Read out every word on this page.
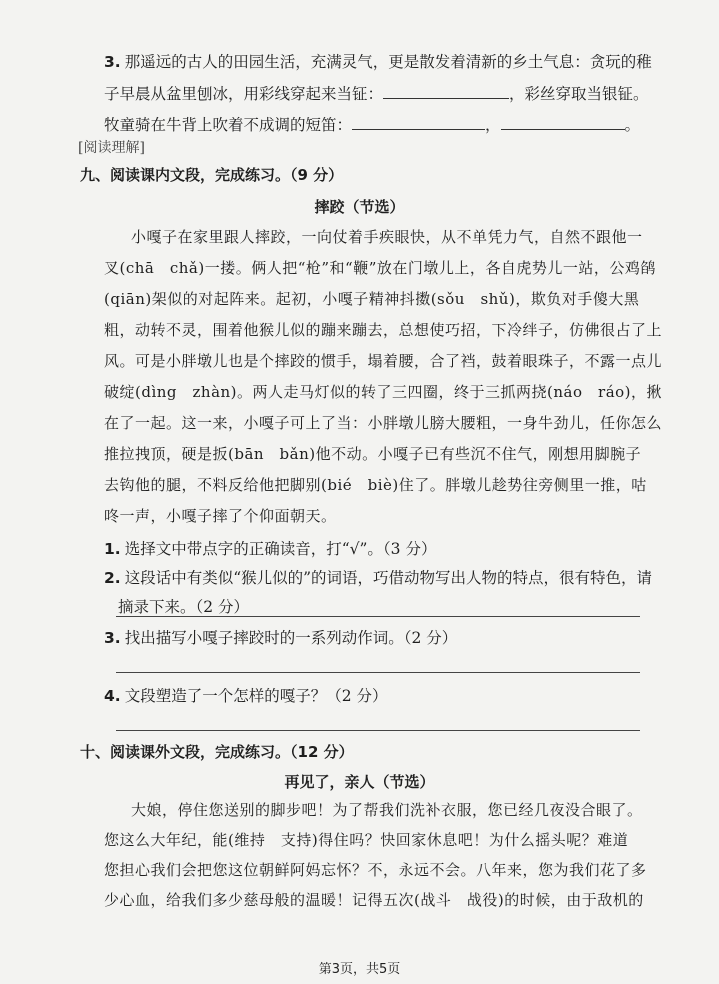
3. 那遥远的古人的田园生活，充满灵气，更是散发着清新的乡土气息：贪玩的稚
子早晨从盆里刨冰，用彩线穿起来当钲：	，彩丝穿取当银钲。
牧童骑在牛背上吹着不成调的短笛：	，	。
[阅读理解]
九、阅读课内文段，完成练习。（9 分）
摔跤（节选）
小嘎子在家里跟人摔跤，一向仗着手疾眼快，从不单凭力气，自然不跟他一
叉(chā　chǎ)一搂。俩人把“枪”和“鞭”放在门墩儿上，各自虎势儿一站，公鸡鹐
(qiān)架似的对起阵来。起初，小嘎子精神抖擞(sǒu　shǔ)，欺负对手傻大黑
粗，动转不灵，围着他猴儿似的蹦来蹦去，总想使巧招，下冷绊子，仿佛很占了上
风。可是小胖墩儿也是个摔跤的惯手，塌着腰，合了裆，鼓着眼珠子，不露一点儿
破绽(dìng　zhàn)。两人走马灯似的转了三四圈，终于三抓两挠(náo　ráo)，揪
在了一起。这一来，小嘎子可上了当：小胖墩儿膀大腰粗，一身牛劲儿，任你怎么
推拉拽顶，硬是扳(bān　bǎn)他不动。小嘎子已有些沉不住气，刚想用脚腕子
去钩他的腿，不料反给他把脚别(bié　biè)住了。胖墩儿趁势往旁侧里一推，咕
咚一声，小嘎子摔了个仰面朝天。
1. 选择文中带点字的正确读音，打“√”。（3 分）
2. 这段话中有类似“猴儿似的”的词语，巧借动物写出人物的特点，很有特色，请
摘录下来。（2 分）
3. 找出描写小嘎子摔跤时的一系列动作词。（2 分）
4. 文段塑造了一个怎样的嘎子？（2 分）
十、阅读课外文段，完成练习。（12 分）
再见了，亲人（节选）
大娘，停住您送别的脚步吧！为了帮我们洗补衣服，您已经几夜没合眼了。
您这么大年纪，能(维持　支持)得住吗？快回家休息吧！为什么摇头呢？难道
您担心我们会把您这位朝鲜阿妈忘怀？不，永远不会。八年来，您为我们花了多
少心血，给我们多少慈母般的温暖！记得五次(战斗　战役)的时候，由于敌机的
第3页，共5页
